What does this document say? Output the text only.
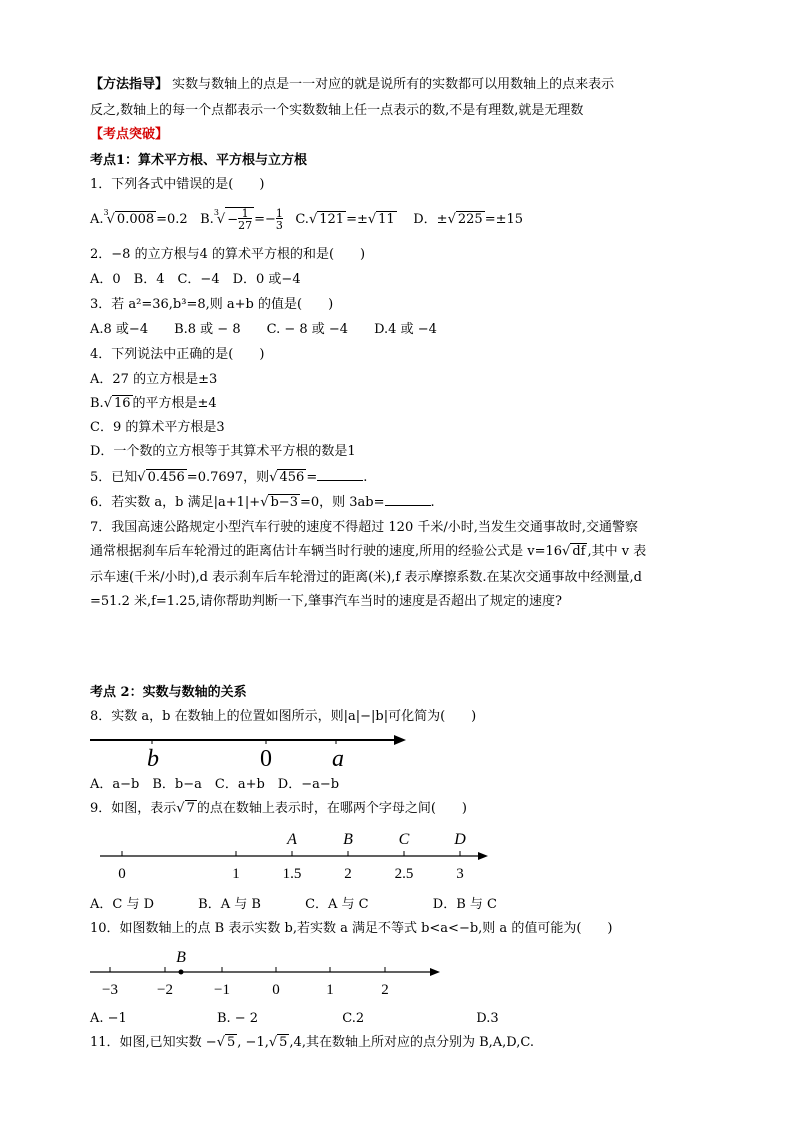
【方法指导】 实数与数轴上的点是一一对应的就是说所有的实数都可以用数轴上的点来表示
反之,数轴上的每一个点都表示一个实数数轴上任一点表示的数,不是有理数,就是无理数
【考点突破】
考点1：算术平方根、平方根与立方根
1．下列各式中错误的是(　　)
A.3√ 0.008 =0.2 $B.3√ -\frac{1}{27} =-\frac{1}{3} C.√$ 121 =±√ 11 D．±√ 225 =±15
2．−8 的立方根与4 的算术平方根的和是(　　)
A．0　B．4　C．−4　D．0 或−4
3．若 a²=36,b³=8,则 a+b 的值是(　　)
A.8 或−4　　B.8 或 − 8　　C. − 8 或 −4　　D.4 或 −4
4．下列说法中正确的是(　　)
A．27 的立方根是±3
B.√ 16 的平方根是±4
C．9 的算术平方根是3
D．一个数的立方根等于其算术平方根的数是1
5．已知√ 0.456 =0.7697，则√ 456 =	.
6．若实数 a，b 满足|a+1|+√ b−3 =0，则 3ab=	.
7．我国高速公路规定小型汽车行驶的速度不得超过 120 千米/小时,当发生交通事故时,交通警察
通常根据刹车后车轮滑过的距离估计车辆当时行驶的速度,所用的经验公式是 v=16√ df ,其中 v 表
示车速(千米/小时),d 表示刹车后车轮滑过的距离(米),f 表示摩擦系数.在某次交通事故中经测量,d
=51.2 米,f=1.25,请你帮助判断一下,肇事汽车当时的速度是否超出了规定的速度?
考点 2：实数与数轴的关系
8．实数 a，b 在数轴上的位置如图所示，则|a|−|b|可化简为(　　)
b	0	a
A．a−b　B．b−a　C．a+b　D．−a−b
9．如图，表示√ 7 的点在数轴上表示时，在哪两个字母之间(　　)
A	B	C	D
0	1	1.5	2	2.5	3
A．C 与 D	B．A 与 B	C．A 与 C	D．B 与 C
10．如图数轴上的点 B 表示实数 b,若实数 a 满足不等式 b<a<−b,则 a 的值可能为(　　)
B
−3	−2	−1	0	1	2
A. −1	B. − 2	C.2	D.3
11．如图,已知实数 −√ 5 , −1,√ 5 ,4,其在数轴上所对应的点分别为 B,A,D,C.
